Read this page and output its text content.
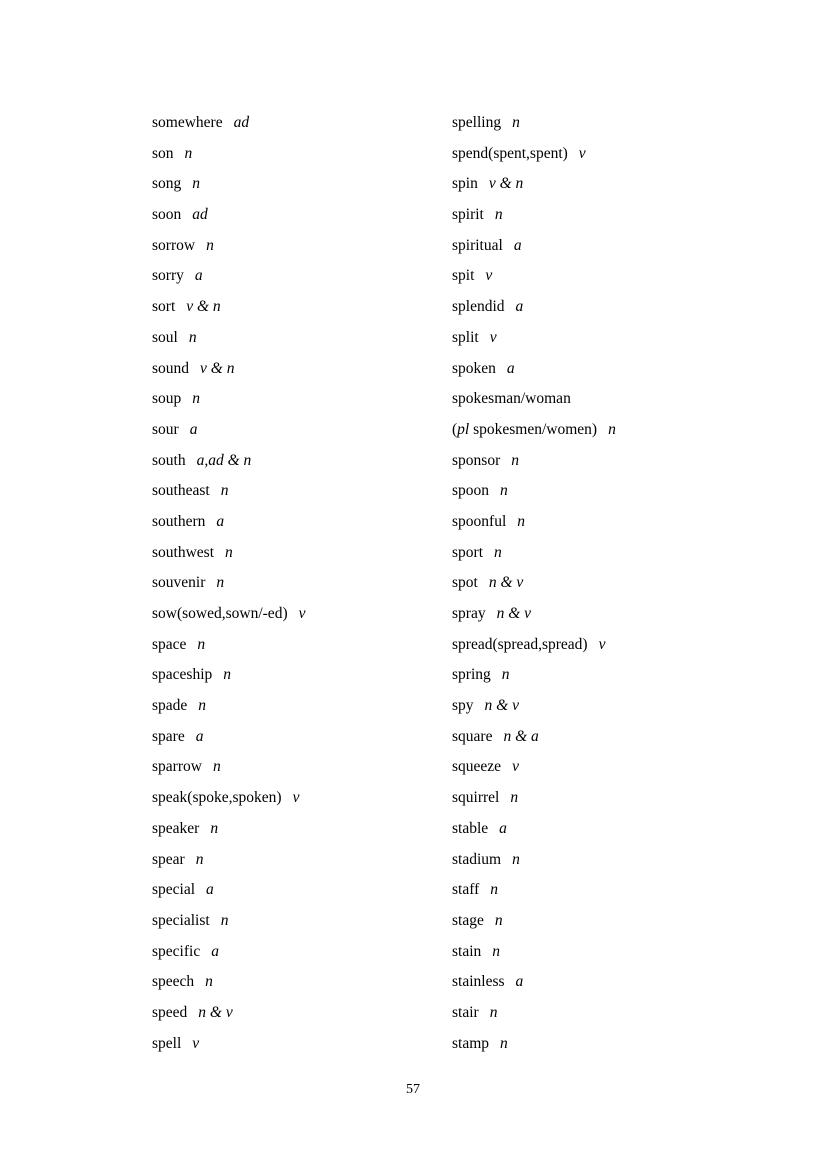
somewhere ad
son n
song n
soon ad
sorrow n
sorry a
sort v & n
soul n
sound v & n
soup n
sour a
south a,ad & n
southeast n
southern a
southwest n
souvenir n
sow(sowed,sown/-ed) v
space n
spaceship n
spade n
spare a
sparrow n
speak(spoke,spoken) v
speaker n
spear n
special a
specialist n
specific a
speech n
speed n & v
spell v
spelling n
spend(spent,spent) v
spin v & n
spirit n
spiritual a
spit v
splendid a
split v
spoken a
spokesman/woman
(pl spokesmen/women) n
sponsor n
spoon n
spoonful n
sport n
spot n & v
spray n & v
spread(spread,spread) v
spring n
spy n & v
square n & a
squeeze v
squirrel n
stable a
stadium n
staff n
stage n
stain n
stainless a
stair n
stamp n
57
